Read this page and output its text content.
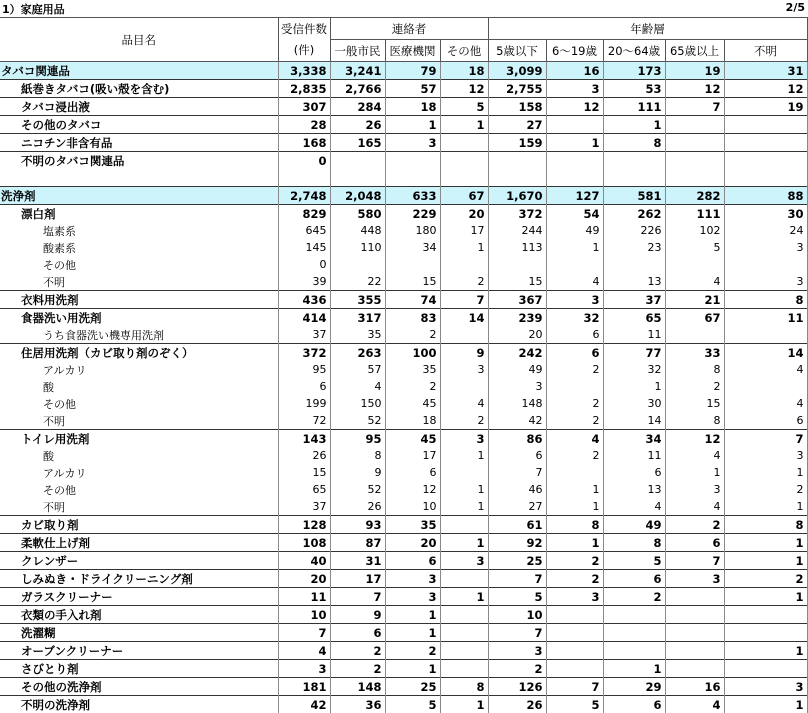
1）家庭用品	2/5
品目名	受信件数	連絡者			年齢層				
	(件)	一般市民	医療機関	その他	5歳以下	6～19歳	20～64歳	65歳以上	不明
タバコ関連品	3,338	3,241	79	18	3,099	16	173	19	31
紙巻きタバコ(吸い殻を含む)	2,835	2,766	57	12	2,755	3	53	12	12
タバコ浸出液	307	284	18	5	158	12	111	7	19
その他のタバコ	28	26	1	1	27		1		
ニコチン非含有品	168	165	3		159	1	8		
不明のタバコ関連品	0								

洗浄剤	2,748	2,048	633	67	1,670	127	581	282	88
漂白剤	829	580	229	20	372	54	262	111	30
塩素系	645	448	180	17	244	49	226	102	24
酸素系	145	110	34	1	113	1	23	5	3
その他	0								
不明	39	22	15	2	15	4	13	4	3
衣料用洗剤	436	355	74	7	367	3	37	21	8
食器洗い用洗剤	414	317	83	14	239	32	65	67	11
うち食器洗い機専用洗剤	37	35	2		20	6	11		
住居用洗剤（カビ取り剤のぞく）	372	263	100	9	242	6	77	33	14
アルカリ	95	57	35	3	49	2	32	8	4
酸	6	4	2		3		1	2	
その他	199	150	45	4	148	2	30	15	4
不明	72	52	18	2	42	2	14	8	6
トイレ用洗剤	143	95	45	3	86	4	34	12	7
酸	26	8	17	1	6	2	11	4	3
アルカリ	15	9	6		7		6	1	1
その他	65	52	12	1	46	1	13	3	2
不明	37	26	10	1	27	1	4	4	1
カビ取り剤	128	93	35		61	8	49	2	8
柔軟仕上げ剤	108	87	20	1	92	1	8	6	1
クレンザー	40	31	6	3	25	2	5	7	1
しみぬき・ドライクリーニング剤	20	17	3		7	2	6	3	2
ガラスクリーナー	11	7	3	1	5	3	2		1
衣類の手入れ剤	10	9	1		10				
洗濯糊	7	6	1		7				
オーブンクリーナー	4	2	2		3				1
さびとり剤	3	2	1		2		1		
その他の洗浄剤	181	148	25	8	126	7	29	16	3
不明の洗浄剤	42	36	5	1	26	5	6	4	1
